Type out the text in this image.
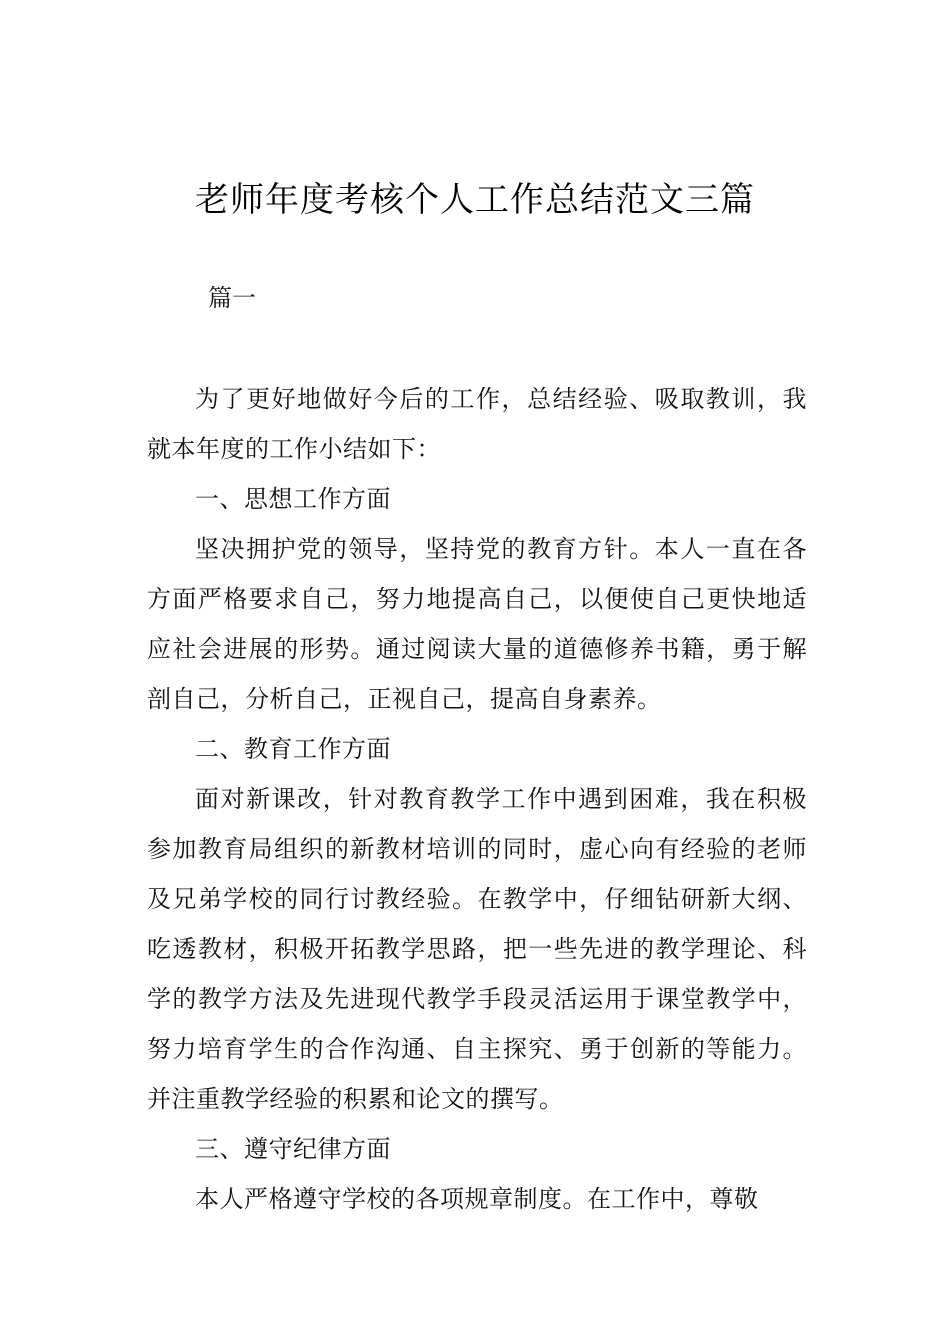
老师年度考核个人工作总结范文三篇

篇一

为了更好地做好今后的工作，总结经验、吸取教训，我就本年度的工作小结如下：

一、思想工作方面

坚决拥护党的领导，坚持党的教育方针。本人一直在各方面严格要求自己，努力地提高自己，以便使自己更快地适应社会进展的形势。通过阅读大量的道德修养书籍，勇于解剖自己，分析自己，正视自己，提高自身素养。

二、教育工作方面

面对新课改，针对教育教学工作中遇到困难，我在积极参加教育局组织的新教材培训的同时，虚心向有经验的老师及兄弟学校的同行讨教经验。在教学中，仔细钻研新大纲、吃透教材，积极开拓教学思路，把一些先进的教学理论、科学的教学方法及先进现代教学手段灵活运用于课堂教学中，努力培育学生的合作沟通、自主探究、勇于创新的等能力。并注重教学经验的积累和论文的撰写。

三、遵守纪律方面

本人严格遵守学校的各项规章制度。在工作中，尊敬
